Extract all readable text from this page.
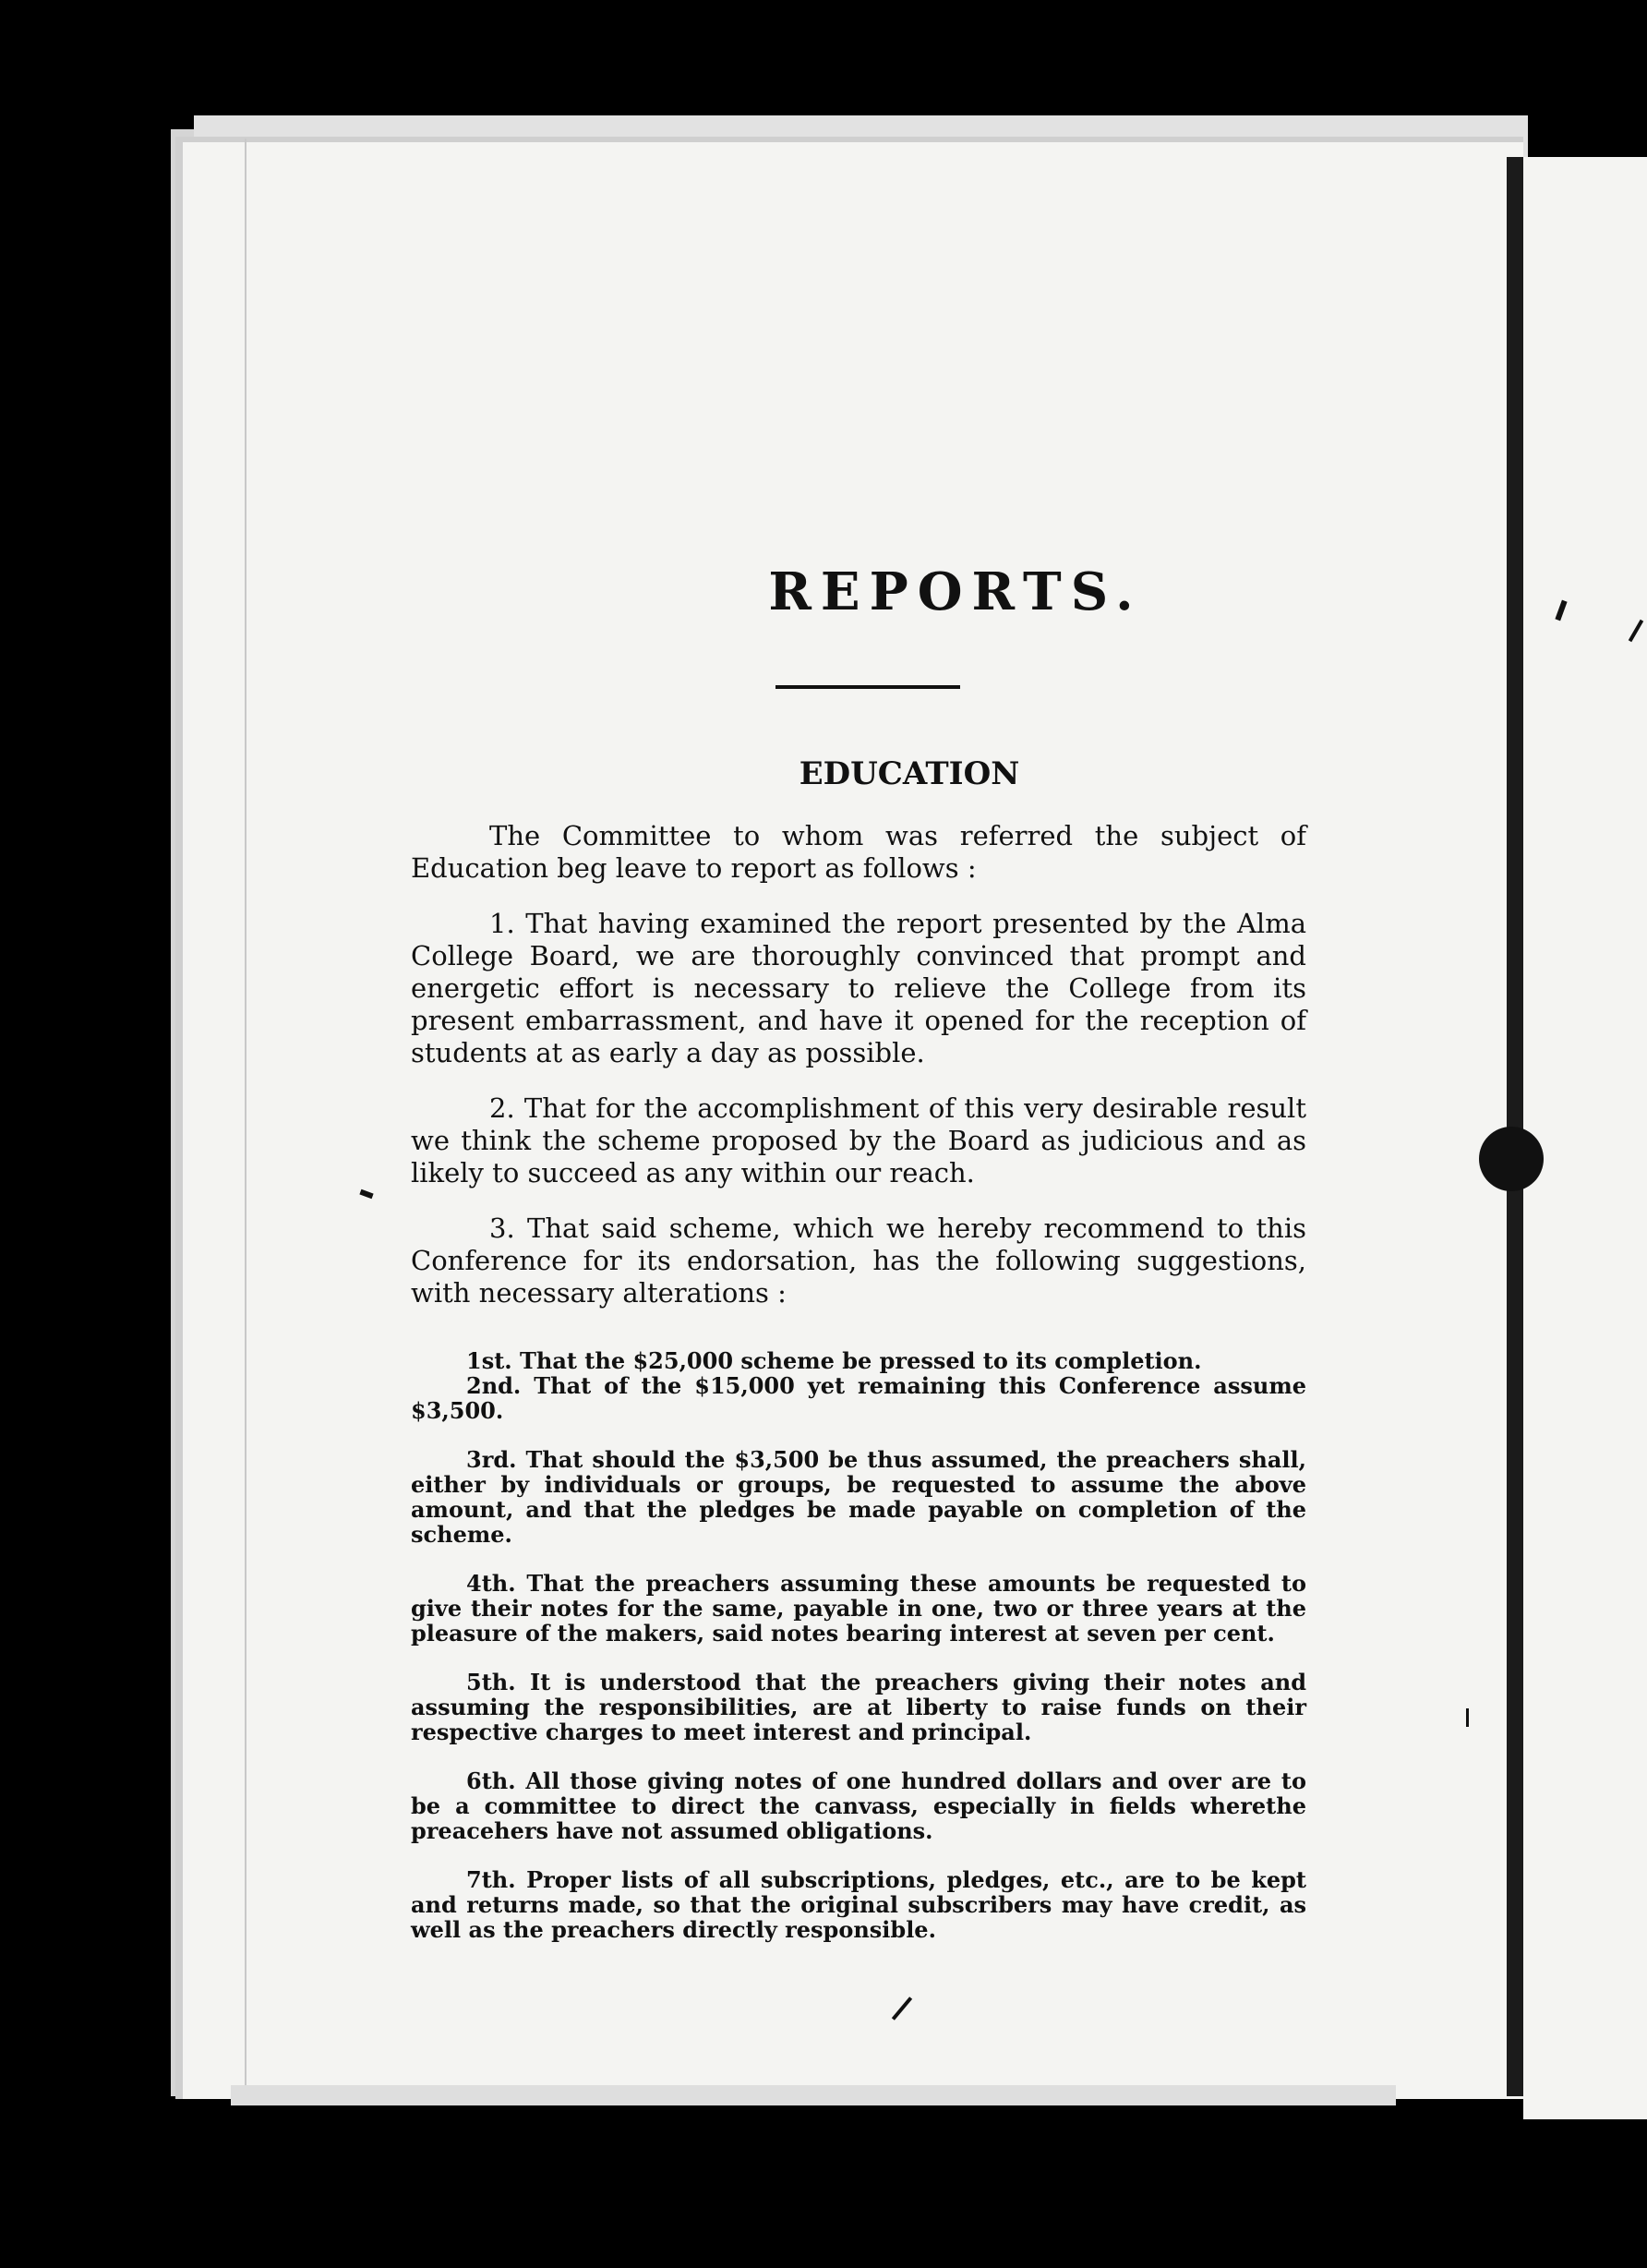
REPORTS.
EDUCATION

The Committee to whom was referred the subject of Education beg leave to report as follows :

1. That having examined the report presented by the Alma College Board, we are thoroughly convinced that prompt and energetic effort is necessary to relieve the College from its present embarrassment, and have it opened for the reception of students at as early a day as possible.

2. That for the accomplishment of this very desirable result we think the scheme proposed by the Board as judicious and as likely to succeed as any within our reach.

3. That said scheme, which we hereby recommend to this Conference for its endorsation, has the following suggestions, with necessary alterations :

1st. That the $25,000 scheme be pressed to its completion.

2nd. That of the $15,000 yet remaining this Conference assume $3,500.

3rd. That should the $3,500 be thus assumed, the preachers shall, either by individuals or groups, be requested to assume the above amount, and that the pledges be made payable on completion of the scheme.

4th. That the preachers assuming these amounts be requested to give their notes for the same, payable in one, two or three years at the pleasure of the makers, said notes bearing interest at seven per cent.

5th. It is understood that the preachers giving their notes and assuming the responsibilities, are at liberty to raise funds on their respective charges to meet interest and principal.

6th. All those giving notes of one hundred dollars and over are to be a committee to direct the canvass, especially in fields wherethe preacehers have not assumed obligations.

7th. Proper lists of all subscriptions, pledges, etc., are to be kept and returns made, so that the original subscribers may have credit, as well as the preachers directly responsible.
